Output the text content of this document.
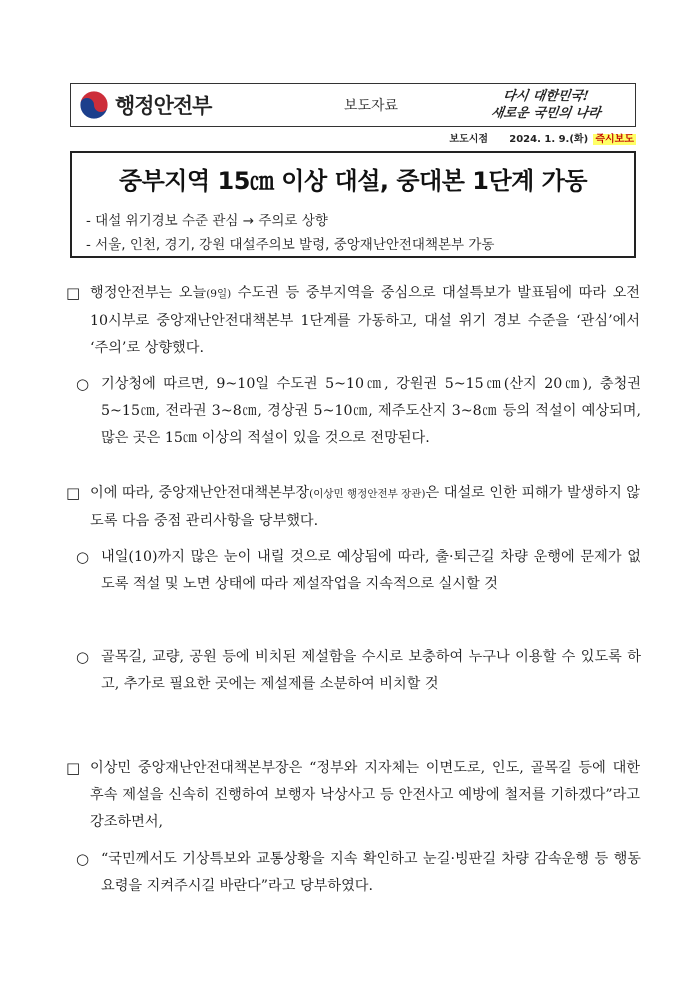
행정안전부	보도자료
다시 대한민국!
새로운 국민의 나라
보도시점 2024. 1. 9.(화) 즉시보도
중부지역 15㎝ 이상 대설, 중대본 1단계 가동
- 대설 위기경보 수준 관심 → 주의로 상향
- 서울, 인천, 경기, 강원 대설주의보 발령, 중앙재난안전대책본부 가동
□ 행정안전부는 오늘(9일) 수도권 등 중부지역을 중심으로 대설특보가 발표됨에 따라 오전 10시부로 중앙재난안전대책본부 1단계를 가동하고, 대설 위기 경보 수준을 ‘관심’에서 ‘주의’로 상향했다.
○ 기상청에 따르면, 9~10일 수도권 5~10㎝, 강원권 5~15㎝(산지 20㎝), 충청권 5~15㎝, 전라권 3~8㎝, 경상권 5~10㎝, 제주도산지 3~8㎝ 등의 적설이 예상되며, 많은 곳은 15㎝ 이상의 적설이 있을 것으로 전망된다.
□ 이에 따라, 중앙재난안전대책본부장(이상민 행정안전부 장관)은 대설로 인한 피해가 발생하지 않도록 다음 중점 관리사항을 당부했다.
○ 내일(10)까지 많은 눈이 내릴 것으로 예상됨에 따라, 출·퇴근길 차량 운행에 문제가 없도록 적설 및 노면 상태에 따라 제설작업을 지속적으로 실시할 것
○ 골목길, 교량, 공원 등에 비치된 제설함을 수시로 보충하여 누구나 이용할 수 있도록 하고, 추가로 필요한 곳에는 제설제를 소분하여 비치할 것
□ 이상민 중앙재난안전대책본부장은 “정부와 지자체는 이면도로, 인도, 골목길 등에 대한 후속 제설을 신속히 진행하여 보행자 낙상사고 등 안전사고 예방에 철저를 기하겠다”라고 강조하면서,
○ “국민께서도 기상특보와 교통상황을 지속 확인하고 눈길·빙판길 차량 감속운행 등 행동요령을 지켜주시길 바란다”라고 당부하였다.
